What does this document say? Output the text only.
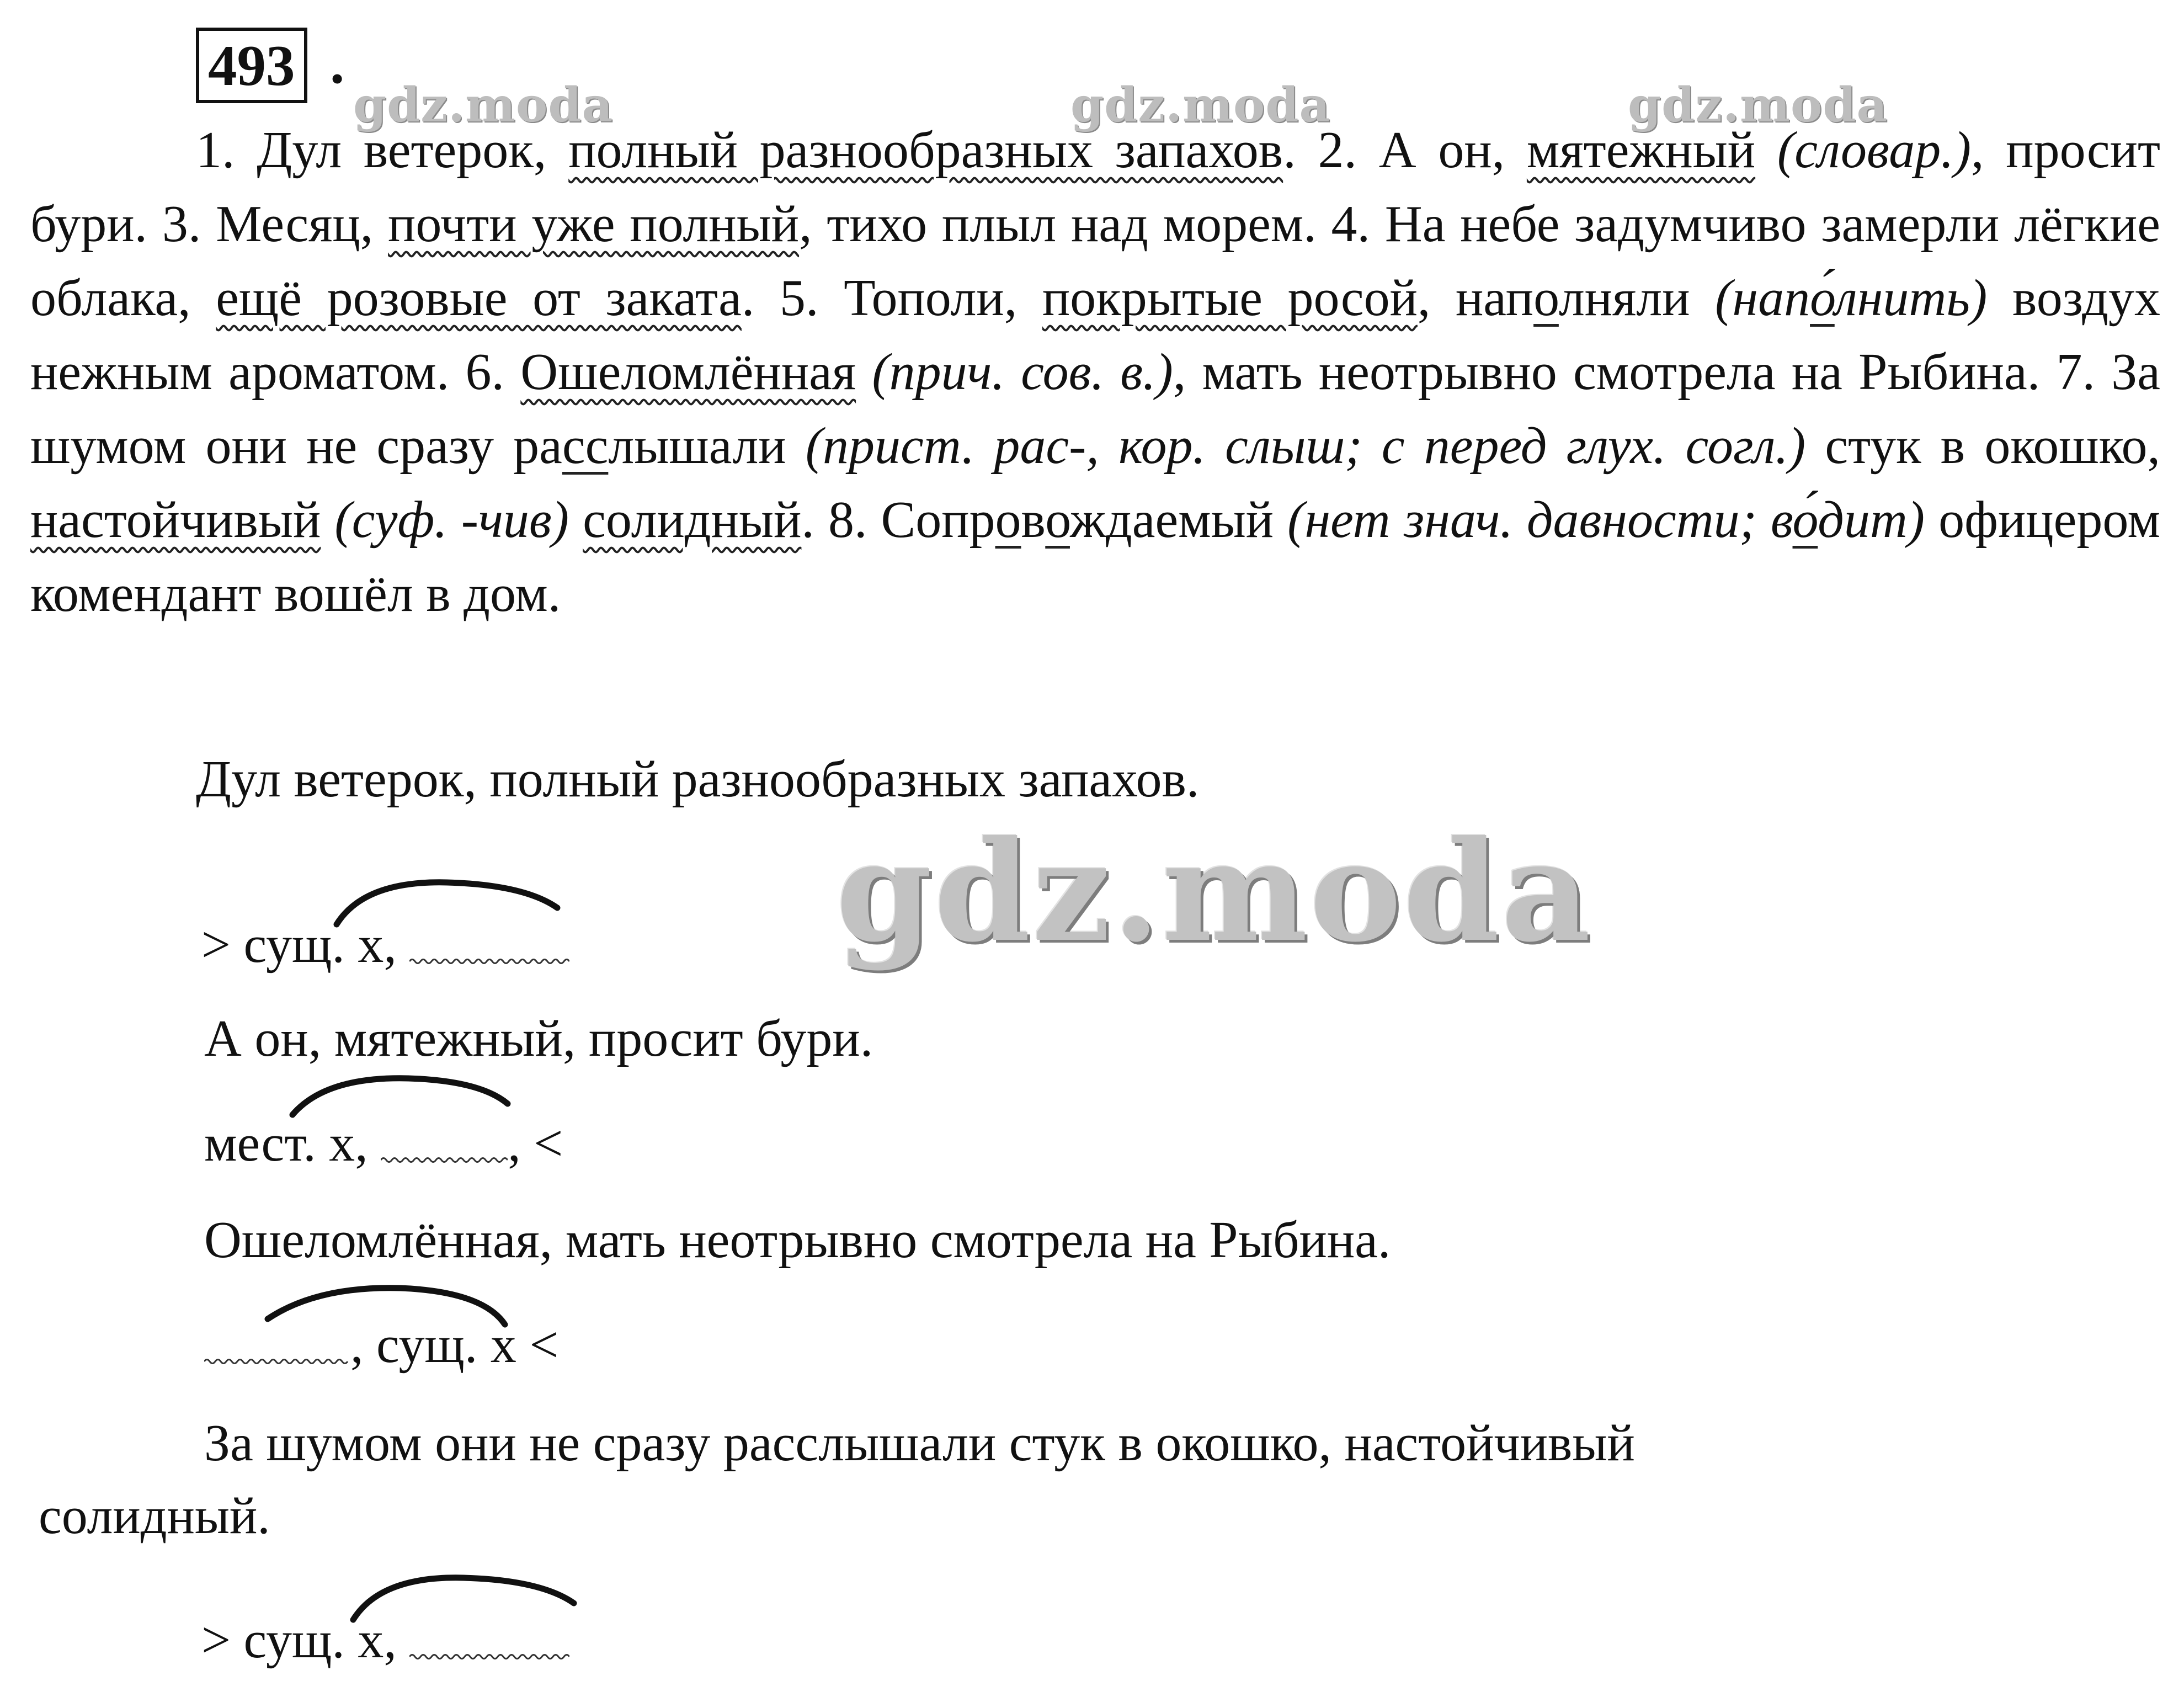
493 .
gdz.moda	gdz.moda	gdz.moda

1. Дул ветерок, полный разнообразных запахов. 2. А он, мятежный (словар.), просит бури. 3. Месяц, почти уже полный, тихо плыл над морем. 4. На небе задумчиво замерли лёгкие облака, ещё розовые от заката. 5. Тополи, покрытые росой, наполняли (напо́лнить) воздух нежным ароматом. 6. Ошеломлённая (прич. сов. в.), мать неотрывно смотрела на Рыбина. 7. За шумом они не сразу расслышали (прист. рас-, кор. слыш; с перед глух. согл.) стук в окошко, настойчивый (суф. -чив) солидный. 8. Сопровождаемый (нет знач. давности; во́дит) офицером комендант вошёл в дом.

Дул ветерок, полный разнообразных запахов.
gdz.moda
> сущ. х,
А он, мятежный, просит бури.
мест. х, , <
Ошеломлённая, мать неотрывно смотрела на Рыбина.
, сущ. х <
За шумом они не сразу расслышали стук в окошко, настойчивый
солидный.
> сущ. х,
